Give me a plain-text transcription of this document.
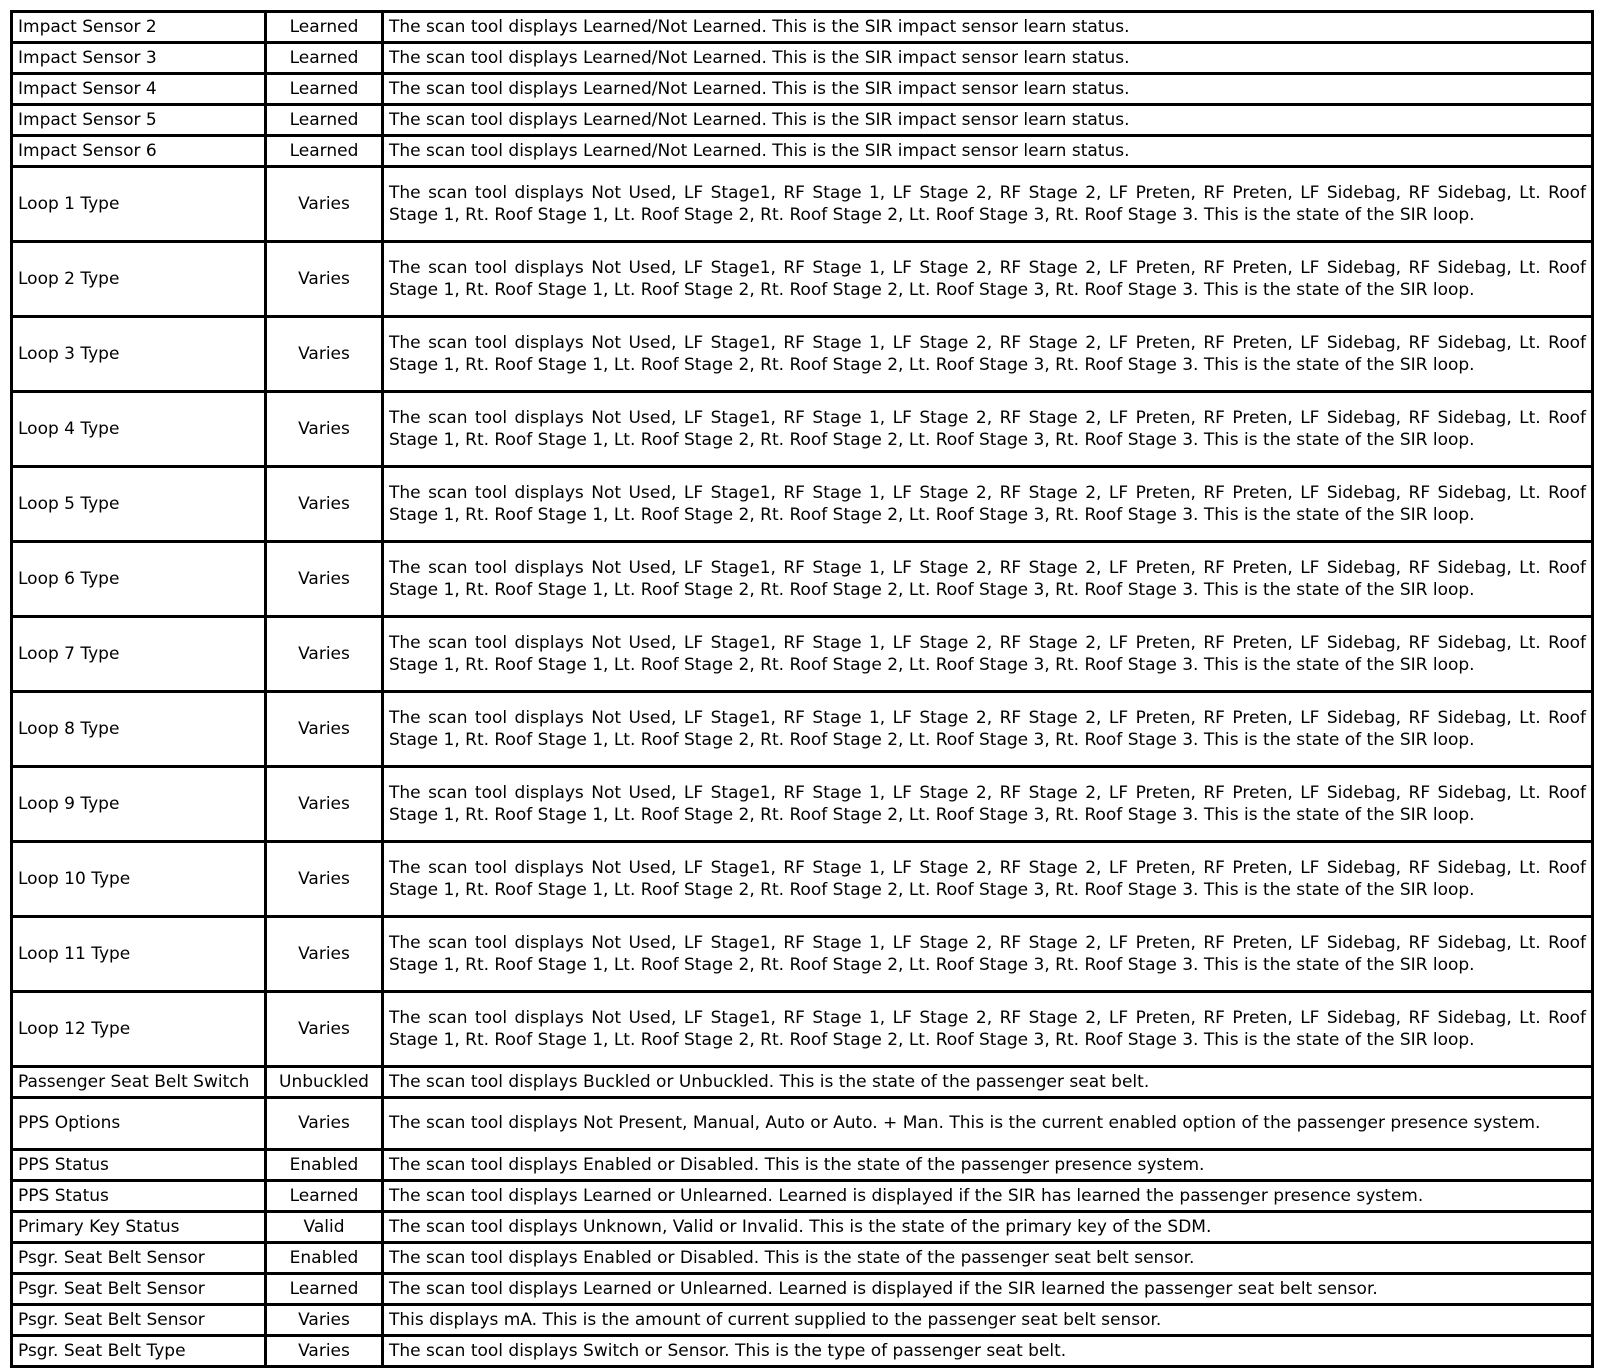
Impact Sensor 2	Learned	The scan tool displays Learned/Not Learned. This is the SIR impact sensor learn status.
Impact Sensor 3	Learned	The scan tool displays Learned/Not Learned. This is the SIR impact sensor learn status.
Impact Sensor 4	Learned	The scan tool displays Learned/Not Learned. This is the SIR impact sensor learn status.
Impact Sensor 5	Learned	The scan tool displays Learned/Not Learned. This is the SIR impact sensor learn status.
Impact Sensor 6	Learned	The scan tool displays Learned/Not Learned. This is the SIR impact sensor learn status.
Loop 1 Type	Varies	The scan tool displays Not Used, LF Stage1, RF Stage 1, LF Stage 2, RF Stage 2, LF Preten, RF Preten, LF Sidebag, RF Sidebag, Lt. Roof Stage 1, Rt. Roof Stage 1, Lt. Roof Stage 2, Rt. Roof Stage 2, Lt. Roof Stage 3, Rt. Roof Stage 3. This is the state of the SIR loop.
Loop 2 Type	Varies	The scan tool displays Not Used, LF Stage1, RF Stage 1, LF Stage 2, RF Stage 2, LF Preten, RF Preten, LF Sidebag, RF Sidebag, Lt. Roof Stage 1, Rt. Roof Stage 1, Lt. Roof Stage 2, Rt. Roof Stage 2, Lt. Roof Stage 3, Rt. Roof Stage 3. This is the state of the SIR loop.
Loop 3 Type	Varies	The scan tool displays Not Used, LF Stage1, RF Stage 1, LF Stage 2, RF Stage 2, LF Preten, RF Preten, LF Sidebag, RF Sidebag, Lt. Roof Stage 1, Rt. Roof Stage 1, Lt. Roof Stage 2, Rt. Roof Stage 2, Lt. Roof Stage 3, Rt. Roof Stage 3. This is the state of the SIR loop.
Loop 4 Type	Varies	The scan tool displays Not Used, LF Stage1, RF Stage 1, LF Stage 2, RF Stage 2, LF Preten, RF Preten, LF Sidebag, RF Sidebag, Lt. Roof Stage 1, Rt. Roof Stage 1, Lt. Roof Stage 2, Rt. Roof Stage 2, Lt. Roof Stage 3, Rt. Roof Stage 3. This is the state of the SIR loop.
Loop 5 Type	Varies	The scan tool displays Not Used, LF Stage1, RF Stage 1, LF Stage 2, RF Stage 2, LF Preten, RF Preten, LF Sidebag, RF Sidebag, Lt. Roof Stage 1, Rt. Roof Stage 1, Lt. Roof Stage 2, Rt. Roof Stage 2, Lt. Roof Stage 3, Rt. Roof Stage 3. This is the state of the SIR loop.
Loop 6 Type	Varies	The scan tool displays Not Used, LF Stage1, RF Stage 1, LF Stage 2, RF Stage 2, LF Preten, RF Preten, LF Sidebag, RF Sidebag, Lt. Roof Stage 1, Rt. Roof Stage 1, Lt. Roof Stage 2, Rt. Roof Stage 2, Lt. Roof Stage 3, Rt. Roof Stage 3. This is the state of the SIR loop.
Loop 7 Type	Varies	The scan tool displays Not Used, LF Stage1, RF Stage 1, LF Stage 2, RF Stage 2, LF Preten, RF Preten, LF Sidebag, RF Sidebag, Lt. Roof Stage 1, Rt. Roof Stage 1, Lt. Roof Stage 2, Rt. Roof Stage 2, Lt. Roof Stage 3, Rt. Roof Stage 3. This is the state of the SIR loop.
Loop 8 Type	Varies	The scan tool displays Not Used, LF Stage1, RF Stage 1, LF Stage 2, RF Stage 2, LF Preten, RF Preten, LF Sidebag, RF Sidebag, Lt. Roof Stage 1, Rt. Roof Stage 1, Lt. Roof Stage 2, Rt. Roof Stage 2, Lt. Roof Stage 3, Rt. Roof Stage 3. This is the state of the SIR loop.
Loop 9 Type	Varies	The scan tool displays Not Used, LF Stage1, RF Stage 1, LF Stage 2, RF Stage 2, LF Preten, RF Preten, LF Sidebag, RF Sidebag, Lt. Roof Stage 1, Rt. Roof Stage 1, Lt. Roof Stage 2, Rt. Roof Stage 2, Lt. Roof Stage 3, Rt. Roof Stage 3. This is the state of the SIR loop.
Loop 10 Type	Varies	The scan tool displays Not Used, LF Stage1, RF Stage 1, LF Stage 2, RF Stage 2, LF Preten, RF Preten, LF Sidebag, RF Sidebag, Lt. Roof Stage 1, Rt. Roof Stage 1, Lt. Roof Stage 2, Rt. Roof Stage 2, Lt. Roof Stage 3, Rt. Roof Stage 3. This is the state of the SIR loop.
Loop 11 Type	Varies	The scan tool displays Not Used, LF Stage1, RF Stage 1, LF Stage 2, RF Stage 2, LF Preten, RF Preten, LF Sidebag, RF Sidebag, Lt. Roof Stage 1, Rt. Roof Stage 1, Lt. Roof Stage 2, Rt. Roof Stage 2, Lt. Roof Stage 3, Rt. Roof Stage 3. This is the state of the SIR loop.
Loop 12 Type	Varies	The scan tool displays Not Used, LF Stage1, RF Stage 1, LF Stage 2, RF Stage 2, LF Preten, RF Preten, LF Sidebag, RF Sidebag, Lt. Roof Stage 1, Rt. Roof Stage 1, Lt. Roof Stage 2, Rt. Roof Stage 2, Lt. Roof Stage 3, Rt. Roof Stage 3. This is the state of the SIR loop.
Passenger Seat Belt Switch	Unbuckled	The scan tool displays Buckled or Unbuckled. This is the state of the passenger seat belt.
PPS Options	Varies	The scan tool displays Not Present, Manual, Auto or Auto. + Man. This is the current enabled option of the passenger presence system.
PPS Status	Enabled	The scan tool displays Enabled or Disabled. This is the state of the passenger presence system.
PPS Status	Learned	The scan tool displays Learned or Unlearned. Learned is displayed if the SIR has learned the passenger presence system.
Primary Key Status	Valid	The scan tool displays Unknown, Valid or Invalid. This is the state of the primary key of the SDM.
Psgr. Seat Belt Sensor	Enabled	The scan tool displays Enabled or Disabled. This is the state of the passenger seat belt sensor.
Psgr. Seat Belt Sensor	Learned	The scan tool displays Learned or Unlearned. Learned is displayed if the SIR learned the passenger seat belt sensor.
Psgr. Seat Belt Sensor	Varies	This displays mA. This is the amount of current supplied to the passenger seat belt sensor.
Psgr. Seat Belt Type	Varies	The scan tool displays Switch or Sensor. This is the type of passenger seat belt.
